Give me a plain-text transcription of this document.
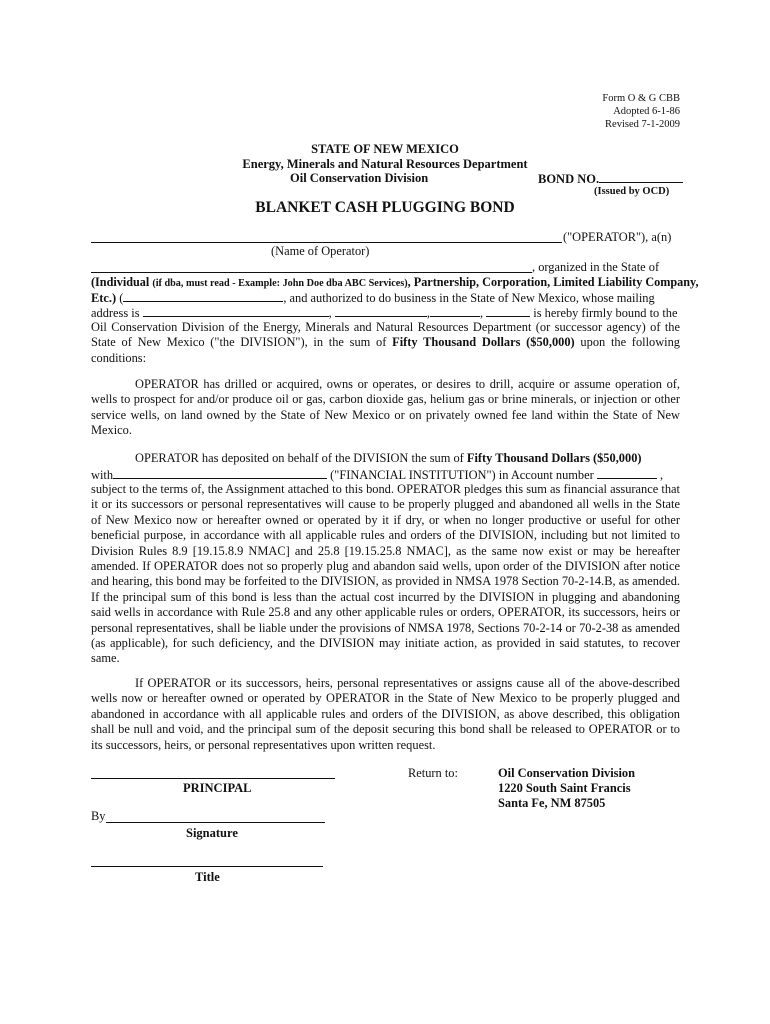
Form O & G CBB
Adopted 6-1-86
Revised 7-1-2009
STATE OF NEW MEXICO
Energy, Minerals and Natural Resources Department
Oil Conservation Division	BOND NO.
(Issued by OCD)
BLANKET CASH PLUGGING BOND
("OPERATOR"), a(n)
(Name of Operator)
, organized in the State of
(Individual (if dba, must read - Example: John Doe dba ABC Services), Partnership, Corporation, Limited Liability Company,
Etc.) (	, and authorized to do business in the State of New Mexico, whose mailing
address is	,	,	,	is hereby firmly bound to the

Oil Conservation Division of the Energy, Minerals and Natural Resources Department (or successor agency) of the State of New Mexico ("the DIVISION"), in the sum of Fifty Thousand Dollars ($50,000) upon the following conditions:

OPERATOR has drilled or acquired, owns or operates, or desires to drill, acquire or assume operation of, wells to prospect for and/or produce oil or gas, carbon dioxide gas, helium gas or brine minerals, or injection or other service wells, on land owned by the State of New Mexico or on privately owned fee land within the State of New Mexico.

OPERATOR has deposited on behalf of the DIVISION the sum of Fifty Thousand Dollars ($50,000)

with	("FINANCIAL INSTITUTION") in Account number	,

subject to the terms of, the Assignment attached to this bond. OPERATOR pledges this sum as financial assurance that it or its successors or personal representatives will cause to be properly plugged and abandoned all wells in the State of New Mexico now or hereafter owned or operated by it if dry, or when no longer productive or useful for other beneficial purpose, in accordance with all applicable rules and orders of the DIVISION, including but not limited to Division Rules 8.9 [19.15.8.9 NMAC] and 25.8 [19.15.25.8 NMAC], as the same now exist or may be hereafter amended. If OPERATOR does not so properly plug and abandon said wells, upon order of the DIVISION after notice and hearing, this bond may be forfeited to the DIVISION, as provided in NMSA 1978 Section 70-2-14.B, as amended. If the principal sum of this bond is less than the actual cost incurred by the DIVISION in plugging and abandoning said wells in accordance with Rule 25.8 and any other applicable rules or orders, OPERATOR, its successors, heirs or personal representatives, shall be liable under the provisions of NMSA 1978, Sections 70-2-14 or 70-2-38 as amended (as applicable), for such deficiency, and the DIVISION may initiate action, as provided in said statutes, to recover same.

If OPERATOR or its successors, heirs, personal representatives or assigns cause all of the above-described wells now or hereafter owned or operated by OPERATOR in the State of New Mexico to be properly plugged and abandoned in accordance with all applicable rules and orders of the DIVISION, as above described, this obligation shall be null and void, and the principal sum of the deposit securing this bond shall be released to OPERATOR or to its successors, heirs, or personal representatives upon written request.

PRINCIPAL
By
Signature
Title
Return to:	Oil Conservation Division
1220 South Saint Francis
Santa Fe, NM 87505
